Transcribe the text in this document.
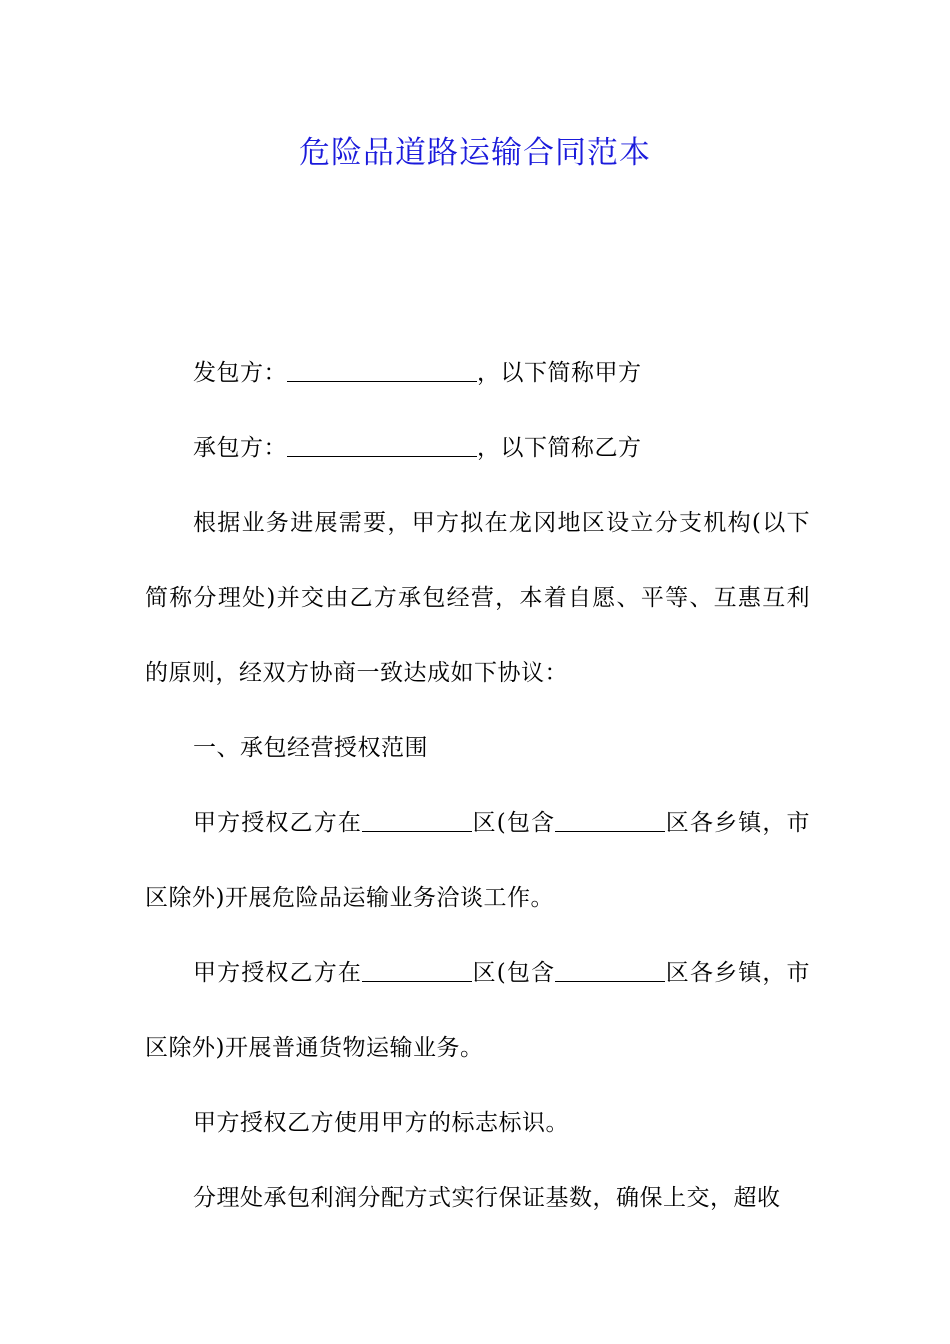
危险品道路运输合同范本

发包方：	，以下简称甲方

承包方：	，以下简称乙方

根据业务进展需要，甲方拟在龙冈地区设立分支机构(以下简称分理处)并交由乙方承包经营，本着自愿、平等、互惠互利的原则，经双方协商一致达成如下协议：

一、承包经营授权范围

甲方授权乙方在	区(包含	区各乡镇，市区除外)开展危险品运输业务洽谈工作。

甲方授权乙方在	区(包含	区各乡镇，市区除外)开展普通货物运输业务。

甲方授权乙方使用甲方的标志标识。

分理处承包利润分配方式实行保证基数，确保上交，超收
